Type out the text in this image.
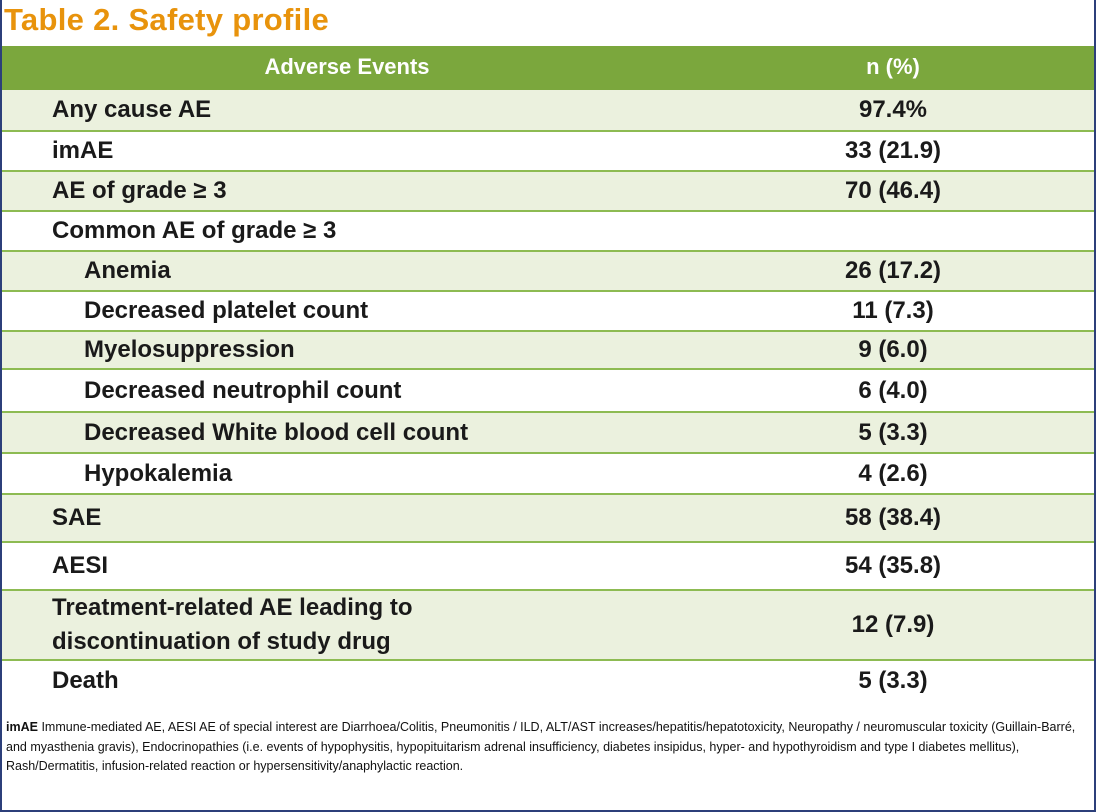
Table 2. Safety profile
Adverse Events	n (%)
Any cause AE	97.4%
imAE	33 (21.9)
AE of grade ≥ 3	70 (46.4)
Common AE of grade ≥ 3	
Anemia	26 (17.2)
Decreased platelet count	11 (7.3)
Myelosuppression	9 (6.0)
Decreased neutrophil count	6 (4.0)
Decreased White blood cell count	5 (3.3)
Hypokalemia	4 (2.6)
SAE	58 (38.4)
AESI	54 (35.8)
Treatment-related AE leading to
discontinuation of study drug	12 (7.9)
Death	5 (3.3)
imAE Immune-mediated AE, AESI AE of special interest are Diarrhoea/Colitis, Pneumonitis / ILD, ALT/AST increases/hepatitis/hepatotoxicity, Neuropathy / neuromuscular toxicity (Guillain-Barré, and myasthenia gravis), Endocrinopathies (i.e. events of hypophysitis, hypopituitarism adrenal insufficiency, diabetes insipidus, hyper- and hypothyroidism and type I diabetes mellitus), Rash/Dermatitis, infusion-related reaction or hypersensitivity/anaphylactic reaction.
